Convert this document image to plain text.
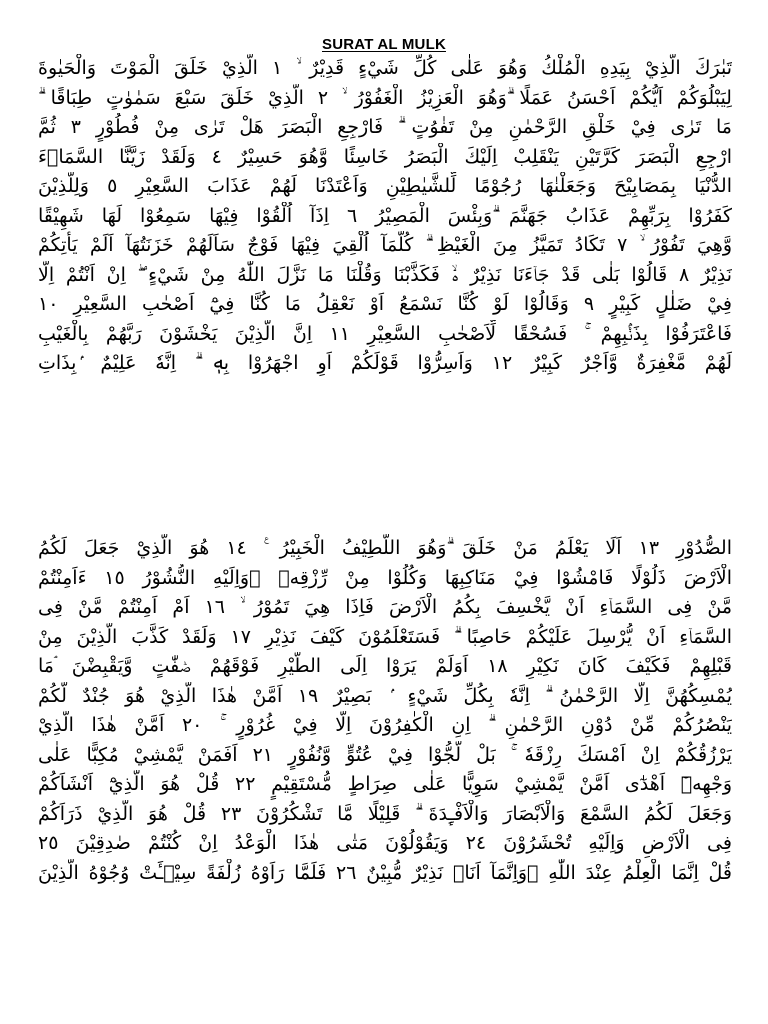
SURAT AL MULK
تَبٰرَكَ الَّذِيْ بِيَدِهِ الْمُلْكُ وَهُوَ عَلٰى كُلِّ شَيْءٍ قَدِيْرٌ ۙ ١ الَّذِيْ خَلَقَ الْمَوْتَ وَالْحَيٰوةَ
لِيَبْلُوَكُمْ اَيُّكُمْ اَحْسَنُ عَمَلًا ۗوَهُوَ الْعَزِيْزُ الْغَفُوْرُ ۙ ٢ الَّذِيْ خَلَقَ سَبْعَ سَمٰوٰتٍ طِبَاقًا ۗ
مَا تَرٰى فِيْ خَلْقِ الرَّحْمٰنِ مِنْ تَفٰوُتٍ ۗ فَارْجِعِ الْبَصَرَ هَلْ تَرٰى مِنْ فُطُوْرٍ ٣ ثُمَّ
ارْجِعِ الْبَصَرَ كَرَّتَيْنِ يَنْقَلِبْ اِلَيْكَ الْبَصَرُ خَاسِئًا وَّهُوَ حَسِيْرٌ ٤ وَلَقَدْ زَيَّنَّا السَّمَاۤءَ
الدُّنْيَا بِمَصَابِيْحَ وَجَعَلْنٰهَا رُجُوْمًا لِّلشَّيٰطِيْنِ وَاَعْتَدْنَا لَهُمْ عَذَابَ السَّعِيْرِ ٥ وَلِلَّذِيْنَ
كَفَرُوْا بِرَبِّهِمْ عَذَابُ جَهَنَّمَ ۗوَبِئْسَ الْمَصِيْرُ ٦ اِذَآ اُلْقُوْا فِيْهَا سَمِعُوْا لَهَا شَهِيْقًا
وَّهِيَ تَفُوْرُ ۙ ٧ تَكَادُ تَمَيَّزُ مِنَ الْغَيْظِ ۗ كُلَّمَآ اُلْقِيَ فِيْهَا فَوْجٌ سَاَلَهُمْ خَزَنَتُهَآ اَلَمْ يَأْتِكُمْ
نَذِيْرٌ ٨ قَالُوْا بَلٰى قَدْ جَاۤءَنَا نَذِيْرٌ ەۙ فَكَذَّبْنَا وَقُلْنَا مَا نَزَّلَ اللّٰهُ مِنْ شَيْءٍ ۖ اِنْ اَنْتُمْ اِلَّا
فِيْ ضَلٰلٍ كَبِيْرٍ ٩ وَقَالُوْا لَوْ كُنَّا نَسْمَعُ اَوْ نَعْقِلُ مَا كُنَّا فِيْٓ اَصْحٰبِ السَّعِيْرِ ١٠
فَاعْتَرَفُوْا بِذَنْۢبِهِمْ ۚ فَسُحْقًا لِّاَصْحٰبِ السَّعِيْرِ ١١ اِنَّ الَّذِيْنَ يَخْشَوْنَ رَبَّهُمْ بِالْغَيْبِ
لَهُمْ مَّغْفِرَةٌ وَّاَجْرٌ كَبِيْرٌ ١٢ وَاَسِرُّوْا قَوْلَكُمْ اَوِ اجْهَرُوْا بِهٖ ۗ اِنَّهٗ عَلِيْمٌ ۢبِذَاتِ
الصُّدُوْرِ ١٣ اَلَا يَعْلَمُ مَنْ خَلَقَ ۗوَهُوَ اللَّطِيْفُ الْخَبِيْرُ ࣖ ١٤ هُوَ الَّذِيْ جَعَلَ لَكُمُ
الْاَرْضَ ذَلُوْلًا فَامْشُوْا فِيْ مَنَاكِبِهَا وَكُلُوْا مِنْ رِّزْقِهٖ ۗوَاِلَيْهِ النُّشُوْرُ ١٥ ءَاَمِنْتُمْ
مَّنْ فِى السَّمَاۤءِ اَنْ يَّخْسِفَ بِكُمُ الْاَرْضَ فَاِذَا هِيَ تَمُوْرُ ۙ ١٦ اَمْ اَمِنْتُمْ مَّنْ فِى
السَّمَاۤءِ اَنْ يُّرْسِلَ عَلَيْكُمْ حَاصِبًا ۗ فَسَتَعْلَمُوْنَ كَيْفَ نَذِيْرِ ١٧ وَلَقَدْ كَذَّبَ الَّذِيْنَ مِنْ
قَبْلِهِمْ فَكَيْفَ كَانَ نَكِيْرِ ١٨ اَوَلَمْ يَرَوْا اِلَى الطَّيْرِ فَوْقَهُمْ صٰۤفّٰتٍ وَّيَقْبِضْنَ ۘمَا
يُمْسِكُهُنَّ اِلَّا الرَّحْمٰنُ ۗ اِنَّهٗ بِكُلِّ شَيْءٍ ۢ بَصِيْرٌ ١٩ اَمَّنْ هٰذَا الَّذِيْ هُوَ جُنْدٌ لَّكُمْ
يَنْصُرُكُمْ مِّنْ دُوْنِ الرَّحْمٰنِ ۗ اِنِ الْكٰفِرُوْنَ اِلَّا فِيْ غُرُوْرٍ ۚ ٢٠ اَمَّنْ هٰذَا الَّذِيْ
يَرْزُقُكُمْ اِنْ اَمْسَكَ رِزْقَهٗ ۚ بَلْ لَّجُّوْا فِيْ عُتُوٍّ وَّنُفُوْرٍ ٢١ اَفَمَنْ يَّمْشِيْ مُكِبًّا عَلٰى
وَجْهِهٖٓ اَهْدٰٓى اَمَّنْ يَّمْشِيْ سَوِيًّا عَلٰى صِرَاطٍ مُّسْتَقِيْمٍ ٢٢ قُلْ هُوَ الَّذِيْٓ اَنْشَاَكُمْ
وَجَعَلَ لَكُمُ السَّمْعَ وَالْاَبْصَارَ وَالْاَفْـِٕدَةَ ۗ قَلِيْلًا مَّا تَشْكُرُوْنَ ٢٣ قُلْ هُوَ الَّذِيْ ذَرَاَكُمْ
فِى الْاَرْضِ وَاِلَيْهِ تُحْشَرُوْنَ ٢٤ وَيَقُوْلُوْنَ مَتٰى هٰذَا الْوَعْدُ اِنْ كُنْتُمْ صٰدِقِيْنَ ٢٥
قُلْ اِنَّمَا الْعِلْمُ عِنْدَ اللّٰهِ ۖوَاِنَّمَآ اَنَا۠ نَذِيْرٌ مُّبِيْنٌ ٢٦ فَلَمَّا رَاَوْهُ زُلْفَةً سِيْۤـَٔتْ وُجُوْهُ الَّذِيْنَ
